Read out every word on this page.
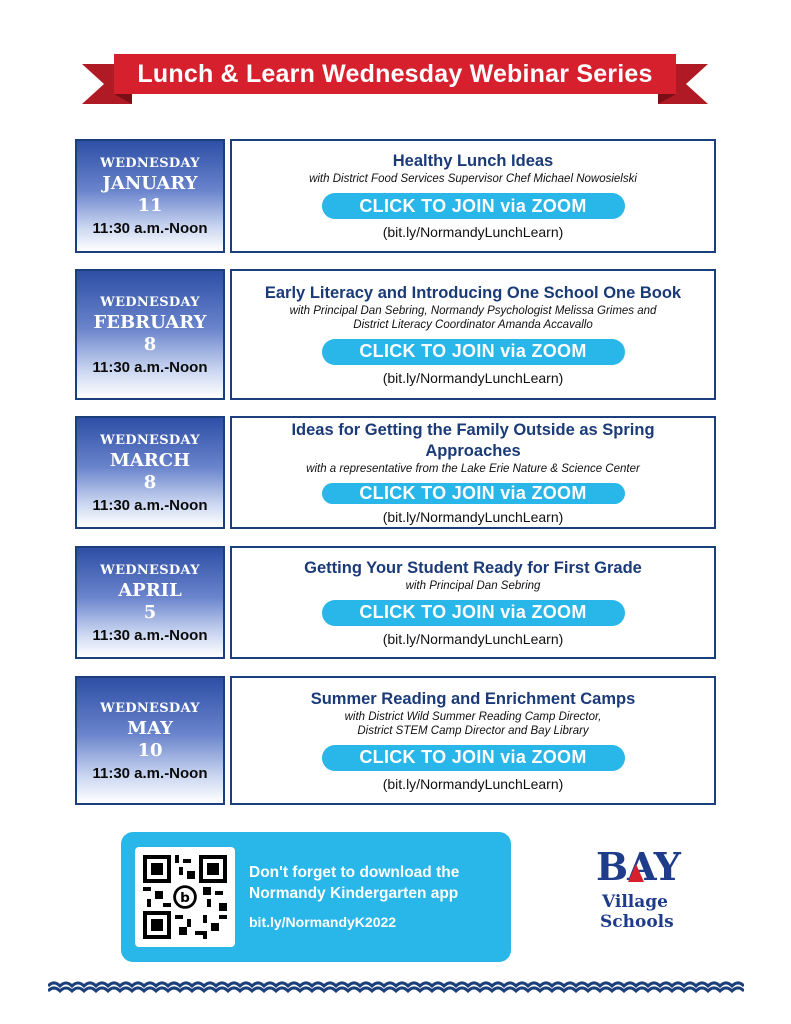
Lunch & Learn Wednesday Webinar Series
WEDNESDAY
JANUARY
11
11:30 a.m.-Noon
Healthy Lunch Ideas
with District Food Services Supervisor Chef Michael Nowosielski
CLICK TO JOIN via ZOOM
(bit.ly/NormandyLunchLearn)
WEDNESDAY
FEBRUARY
8
11:30 a.m.-Noon
Early Literacy and Introducing One School One Book
with Principal Dan Sebring, Normandy Psychologist Melissa Grimes and
District Literacy Coordinator Amanda Accavallo
CLICK TO JOIN via ZOOM
(bit.ly/NormandyLunchLearn)
WEDNESDAY
MARCH
8
11:30 a.m.-Noon
Ideas for Getting the Family Outside as Spring Approaches
with a representative from the Lake Erie Nature & Science Center
CLICK TO JOIN via ZOOM
(bit.ly/NormandyLunchLearn)
WEDNESDAY
APRIL
5
11:30 a.m.-Noon
Getting Your Student Ready for First Grade
with Principal Dan Sebring
CLICK TO JOIN via ZOOM
(bit.ly/NormandyLunchLearn)
WEDNESDAY
MAY
10
11:30 a.m.-Noon
Summer Reading and Enrichment Camps
with District Wild Summer Reading Camp Director,
District STEM Camp Director and Bay Library
CLICK TO JOIN via ZOOM
(bit.ly/NormandyLunchLearn)
b
Don't forget to download the
Normandy Kindergarten app
bit.ly/NormandyK2022
BAY
Village
Schools
